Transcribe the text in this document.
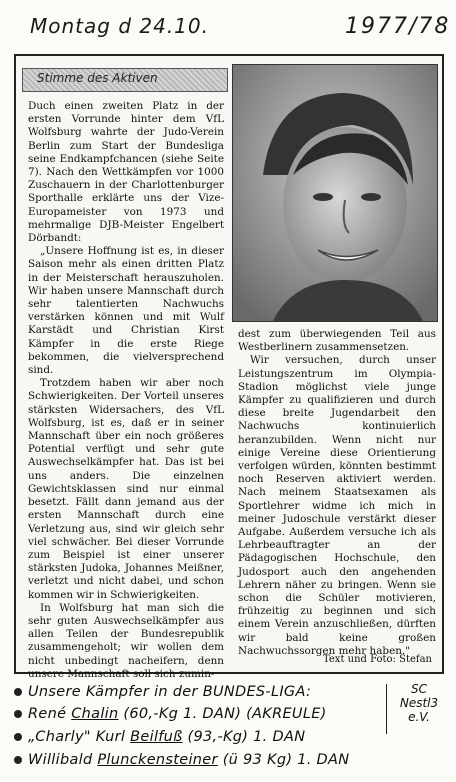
Montag d 24.10.	1977/78
Stimme des Aktiven

Duch einen zweiten Platz in der ersten Vorrunde hinter dem VfL Wolfsburg wahrte der Judo-Verein Berlin zum Start der Bundesliga seine Endkampfchancen (siehe Seite 7). Nach den Wettkämpfen vor 1000 Zuschauern in der Charlottenburger Sporthalle erklärte uns der Vize-Europameister von 1973 und mehrmalige DJB-Meister Engelbert Dörbandt:

„Unsere Hoffnung ist es, in dieser Saison mehr als einen dritten Platz in der Meisterschaft herauszuholen. Wir haben unsere Mannschaft durch sehr talentierten Nachwuchs verstärken können und mit Wulf Karstädt und Christian Kirst Kämpfer in die erste Riege bekommen, die vielversprechend sind.

Trotzdem haben wir aber noch Schwierigkeiten. Der Vorteil unseres stärksten Widersachers, des VfL Wolfsburg, ist es, daß er in seiner Mannschaft über ein noch größeres Potential verfügt und sehr gute Auswechselkämpfer hat. Das ist bei uns anders. Die einzelnen Gewichtsklassen sind nur einmal besetzt. Fällt dann jemand aus der ersten Mannschaft durch eine Verletzung aus, sind wir gleich sehr viel schwächer. Bei dieser Vorrunde zum Beispiel ist einer unserer stärksten Judoka, Johannes Meißner, verletzt und nicht dabei, und schon kommen wir in Schwierigkeiten.

In Wolfsburg hat man sich die sehr guten Auswechselkämpfer aus allen Teilen der Bundesrepublik zusammengeholt; wir wollen dem nicht unbedingt nacheifern, denn unsere Mannschaft soll sich zumin-

dest zum überwiegenden Teil aus Westberlinern zusammensetzen.

Wir versuchen, durch unser Leistungszentrum im Olympia-Stadion möglichst viele junge Kämpfer zu qualifizieren und durch diese breite Jugendarbeit den Nachwuchs kontinuierlich heranzubilden. Wenn nicht nur einige Vereine diese Orientierung verfolgen würden, könnten bestimmt noch Reserven aktiviert werden. Nach meinem Staatsexamen als Sportlehrer widme ich mich in meiner Judoschule verstärkt dieser Aufgabe. Außerdem versuche ich als Lehrbeauftragter an der Pädagogischen Hochschule, den Judosport auch den angehenden Lehrern näher zu bringen. Wenn sie schon die Schüler motivieren, frühzeitig zu beginnen und sich einem Verein anzuschließen, dürften wir bald keine großen Nachwuchssorgen mehr haben."

Text und Foto: Stefan
Unsere Kämpfer in der BUNDES-LIGA:
René Chalin (60,-Kg 1. DAN) (AKREULE)
„Charly" Kurl Beilfuß (93,-Kg) 1. DAN
Willibald Plunckensteiner (ü 93 Kg) 1. DAN
SC Nestl3 e.V.
